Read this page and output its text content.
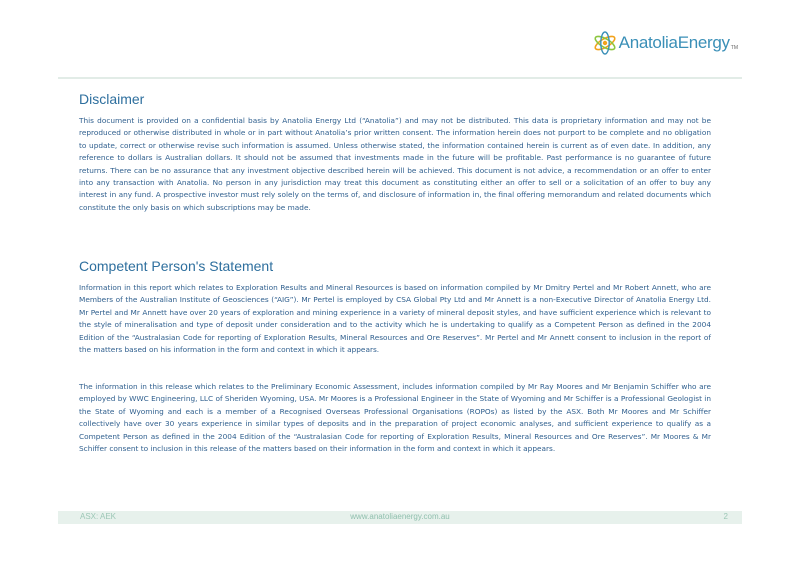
AnatoliaEnergy TM
Disclaimer

This document is provided on a confidential basis by Anatolia Energy Ltd (“Anatolia”) and may not be distributed. This data is proprietary information and may not be reproduced or otherwise distributed in whole or in part without Anatolia’s prior written consent. The information herein does not purport to be complete and no obligation to update, correct or otherwise revise such information is assumed. Unless otherwise stated, the information contained herein is current as of even date. In addition, any reference to dollars is Australian dollars. It should not be assumed that investments made in the future will be profitable. Past performance is no guarantee of future returns. There can be no assurance that any investment objective described herein will be achieved. This document is not advice, a recommendation or an offer to enter into any transaction with Anatolia. No person in any jurisdiction may treat this document as constituting either an offer to sell or a solicitation of an offer to buy any interest in any fund. A prospective investor must rely solely on the terms of, and disclosure of information in, the final offering memorandum and related documents which constitute the only basis on which subscriptions may be made.

Competent Person's Statement

Information in this report which relates to Exploration Results and Mineral Resources is based on information compiled by Mr Dmitry Pertel and Mr Robert Annett, who are Members of the Australian Institute of Geosciences (“AIG”). Mr Pertel is employed by CSA Global Pty Ltd and Mr Annett is a non-Executive Director of Anatolia Energy Ltd. Mr Pertel and Mr Annett have over 20 years of exploration and mining experience in a variety of mineral deposit styles, and have sufficient experience which is relevant to the style of mineralisation and type of deposit under consideration and to the activity which he is undertaking to qualify as a Competent Person as defined in the 2004 Edition of the “Australasian Code for reporting of Exploration Results, Mineral Resources and Ore Reserves”. Mr Pertel and Mr Annett consent to inclusion in the report of the matters based on his information in the form and context in which it appears.

The information in this release which relates to the Preliminary Economic Assessment, includes information compiled by Mr Ray Moores and Mr Benjamin Schiffer who are employed by WWC Engineering, LLC of Sheriden Wyoming, USA. Mr Moores is a Professional Engineer in the State of Wyoming and Mr Schiffer is a Professional Geologist in the State of Wyoming and each is a member of a Recognised Overseas Professional Organisations (ROPOs) as listed by the ASX. Both Mr Moores and Mr Schiffer collectively have over 30 years experience in similar types of deposits and in the preparation of project economic analyses, and sufficient experience to qualify as a Competent Person as defined in the 2004 Edition of the “Australasian Code for reporting of Exploration Results, Mineral Resources and Ore Reserves”. Mr Moores & Mr Schiffer consent to inclusion in this release of the matters based on their information in the form and context in which it appears.

ASX: AEK	www.anatoliaenergy.com.au	2
